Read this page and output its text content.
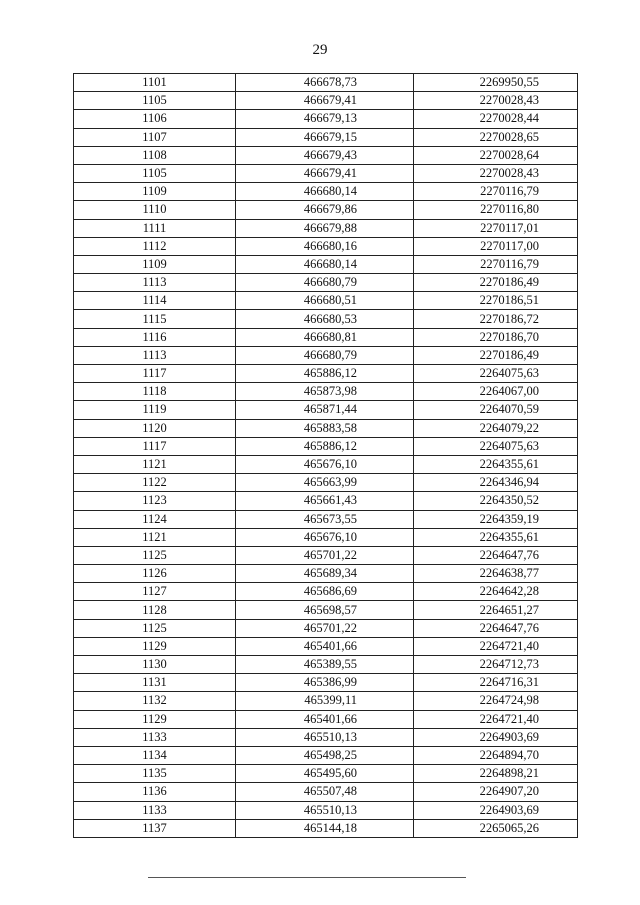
29
1101	466678,73	2269950,55
1105	466679,41	2270028,43
1106	466679,13	2270028,44
1107	466679,15	2270028,65
1108	466679,43	2270028,64
1105	466679,41	2270028,43
1109	466680,14	2270116,79
1110	466679,86	2270116,80
1111	466679,88	2270117,01
1112	466680,16	2270117,00
1109	466680,14	2270116,79
1113	466680,79	2270186,49
1114	466680,51	2270186,51
1115	466680,53	2270186,72
1116	466680,81	2270186,70
1113	466680,79	2270186,49
1117	465886,12	2264075,63
1118	465873,98	2264067,00
1119	465871,44	2264070,59
1120	465883,58	2264079,22
1117	465886,12	2264075,63
1121	465676,10	2264355,61
1122	465663,99	2264346,94
1123	465661,43	2264350,52
1124	465673,55	2264359,19
1121	465676,10	2264355,61
1125	465701,22	2264647,76
1126	465689,34	2264638,77
1127	465686,69	2264642,28
1128	465698,57	2264651,27
1125	465701,22	2264647,76
1129	465401,66	2264721,40
1130	465389,55	2264712,73
1131	465386,99	2264716,31
1132	465399,11	2264724,98
1129	465401,66	2264721,40
1133	465510,13	2264903,69
1134	465498,25	2264894,70
1135	465495,60	2264898,21
1136	465507,48	2264907,20
1133	465510,13	2264903,69
1137	465144,18	2265065,26
